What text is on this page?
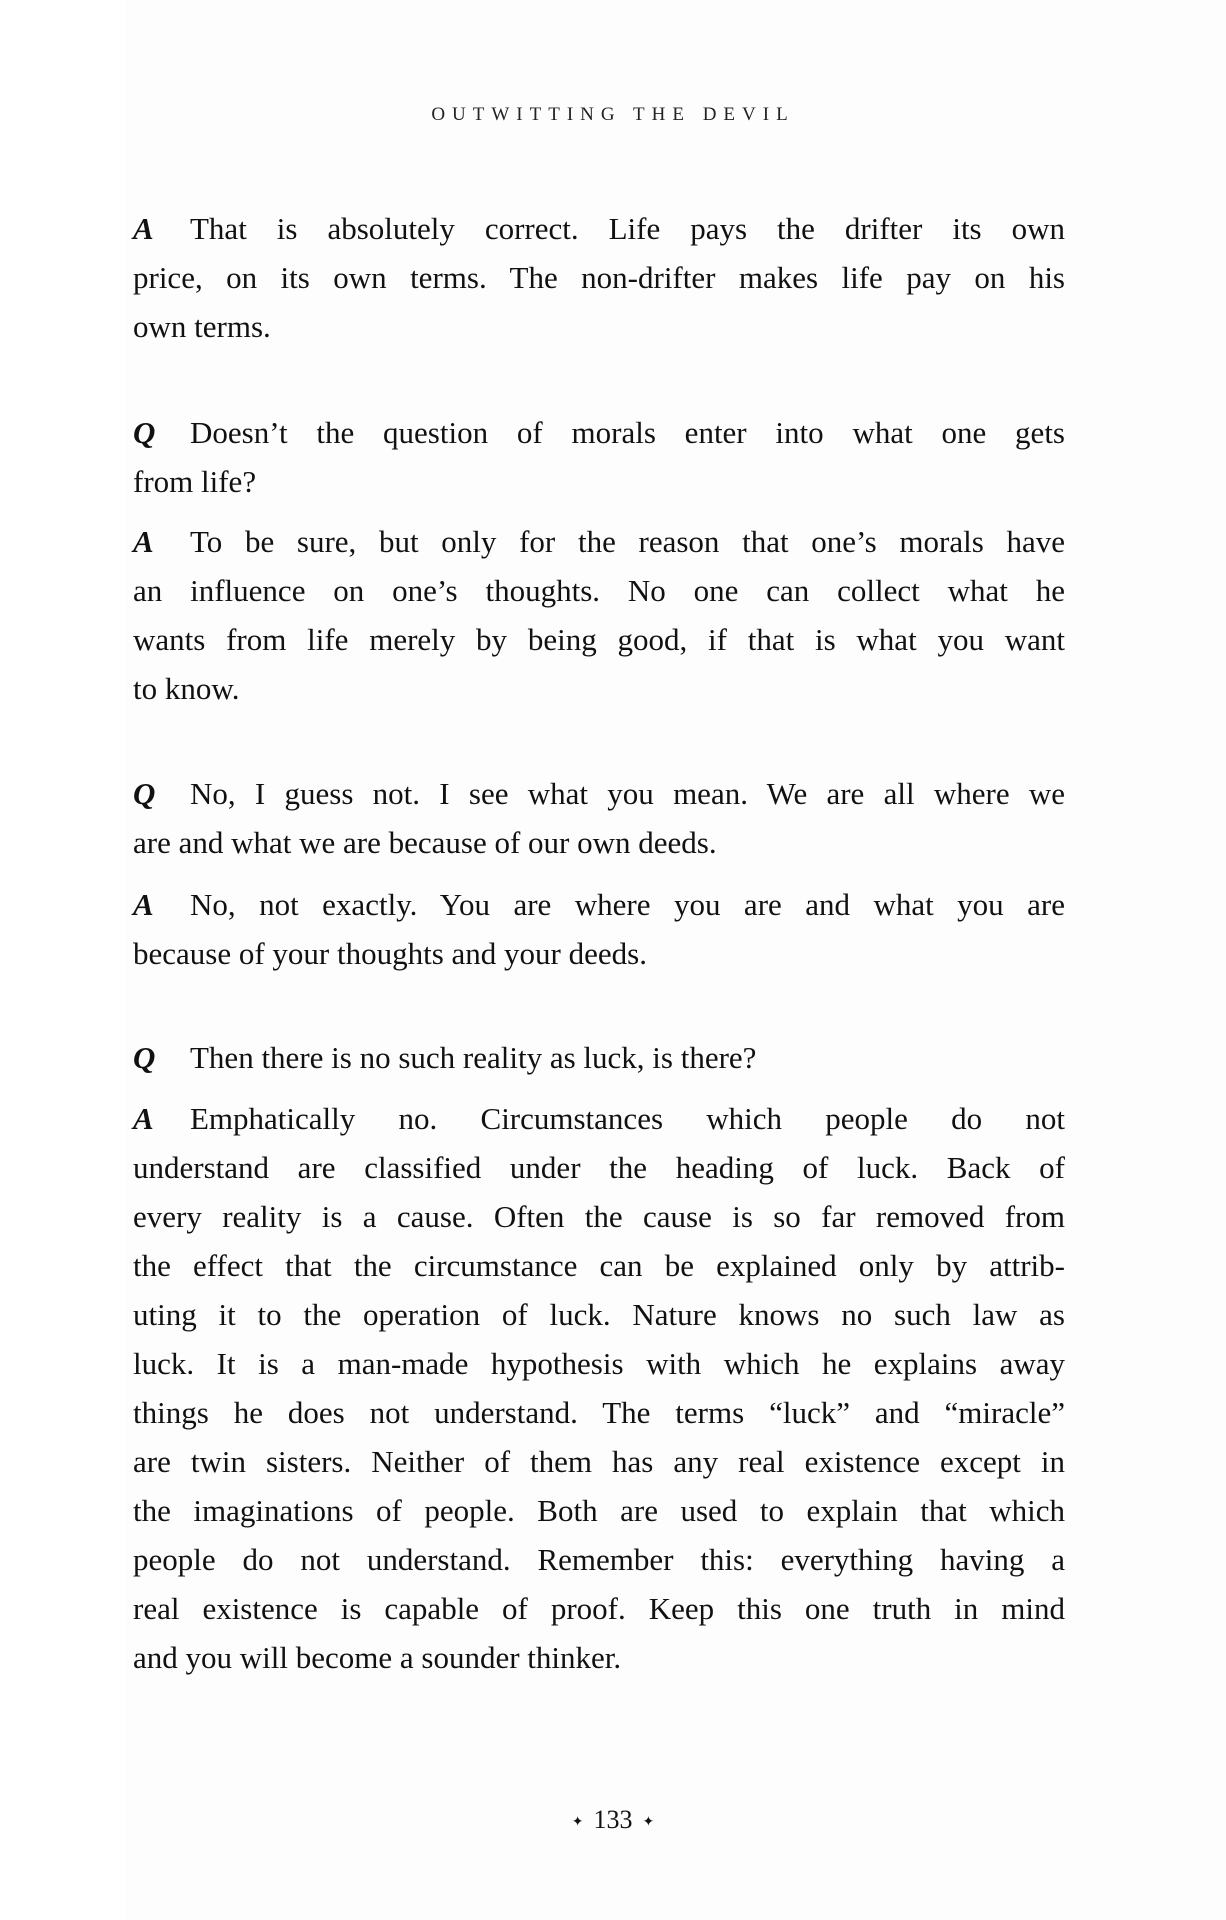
OUTWITTING THE DEVIL
A That is absolutely correct. Life pays the drifter its own
price, on its own terms. The non-drifter makes life pay on his
own terms.
Q Doesn’t the question of morals enter into what one gets
from life?
A To be sure, but only for the reason that one’s morals have
an influence on one’s thoughts. No one can collect what he
wants from life merely by being good, if that is what you want
to know.
Q No, I guess not. I see what you mean. We are all where we
are and what we are because of our own deeds.
A No, not exactly. You are where you are and what you are
because of your thoughts and your deeds.
Q Then there is no such reality as luck, is there?
A Emphatically no. Circumstances which people do not
understand are classified under the heading of luck. Back of
every reality is a cause. Often the cause is so far removed from
the effect that the circumstance can be explained only by attrib-
uting it to the operation of luck. Nature knows no such law as
luck. It is a man-made hypothesis with which he explains away
things he does not understand. The terms “luck” and “miracle”
are twin sisters. Neither of them has any real existence except in
the imaginations of people. Both are used to explain that which
people do not understand. Remember this: everything having a
real existence is capable of proof. Keep this one truth in mind
and you will become a sounder thinker.
✦ 133 ✦
